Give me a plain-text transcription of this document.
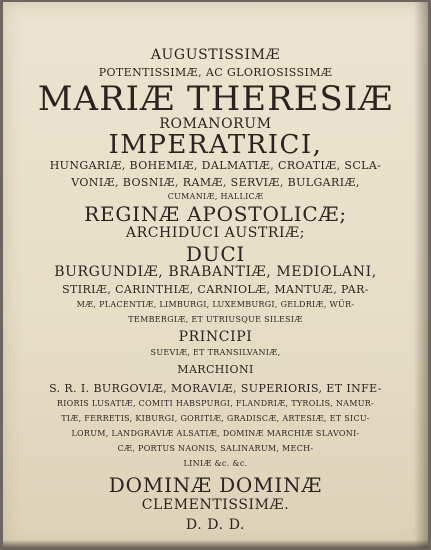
AUGUSTISSIMÆ
POTENTISSIMÆ, AC GLORIOSISSIMÆ
MARIÆ THERESIÆ
ROMANORUM
IMPERATRICI,
HUNGARIÆ, BOHEMIÆ, DALMATIÆ, CROATIÆ, SCLA-
VONIÆ, BOSNIÆ, RAMÆ, SERVIÆ, BULGARIÆ,
CUMANIÆ, HALLICÆ
REGINÆ APOSTOLICÆ;
ARCHIDUCI AUSTRIÆ;
DUCI
BURGUNDIÆ, BRABANTIÆ, MEDIOLANI,
STIRIÆ, CARINTHIÆ, CARNIOLÆ, MANTUÆ, PAR-
MÆ, PLACENTIÆ, LIMBURGI, LUXEMBURGI, GELDRIÆ, WÜR-
TEMBERGIÆ, ET UTRIUSQUE SILESIÆ
PRINCIPI
SUEVIÆ, ET TRANSILVANIÆ,
MARCHIONI
S. R. I. BURGOVIÆ, MORAVIÆ, SUPERIORIS, ET INFE-
RIORIS LUSATIÆ, COMITI HABSPURGI, FLANDRIÆ, TYROLIS, NAMUR-
TIÆ, FERRETIS, KIBURGI, GORITIÆ, GRADISCÆ, ARTESIÆ, ET SICU-
LORUM, LANDGRAVIÆ ALSATIÆ, DOMINÆ MARCHIÆ SLAVONI-
CÆ, PORTUS NAONIS, SALINARUM, MECH-
LINIÆ &c. &c.
DOMINÆ DOMINÆ
CLEMENTISSIMÆ.
D. D. D.
